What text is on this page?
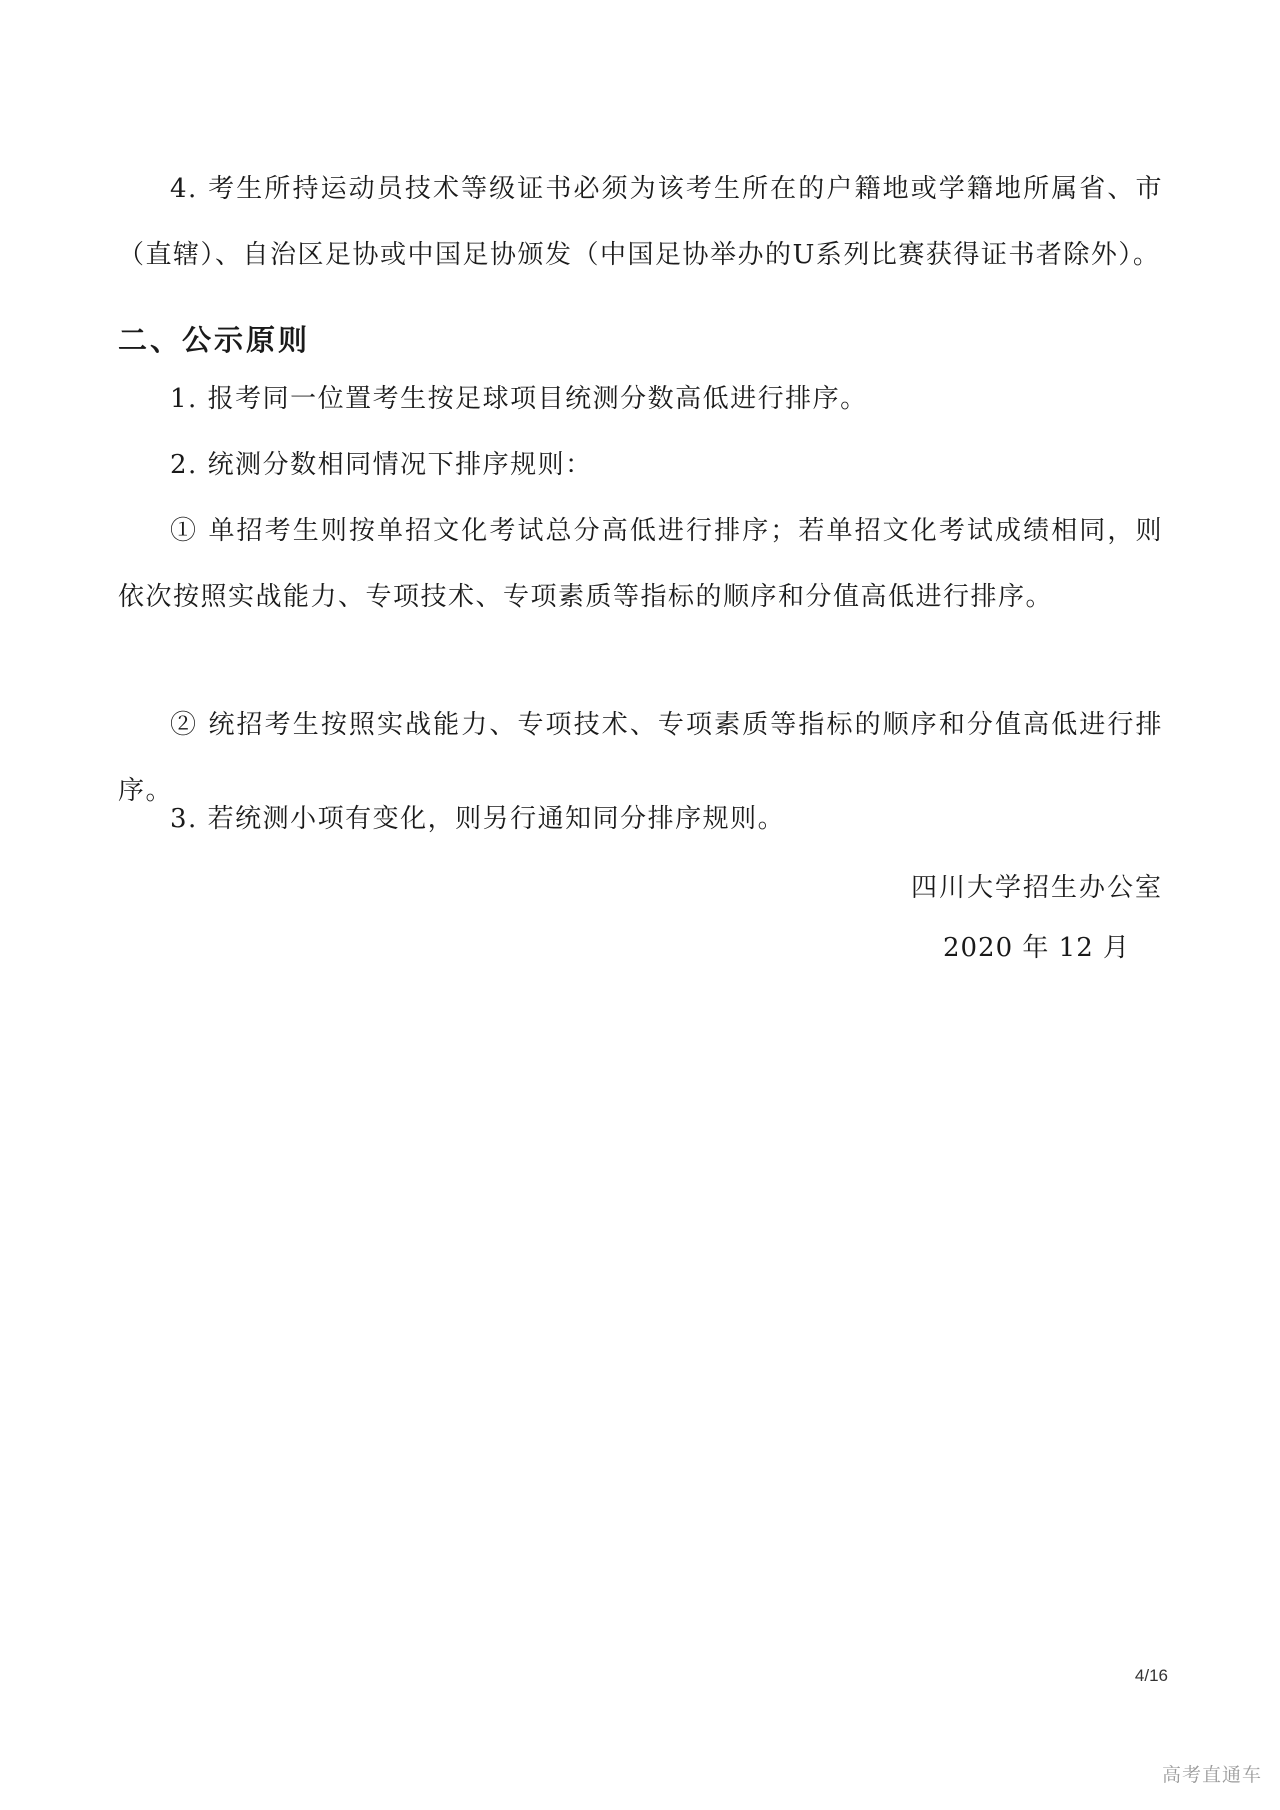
4. 考生所持运动员技术等级证书必须为该考生所在的户籍地或学籍地所属省、市（直辖）、自治区足协或中国足协颁发（中国足协举办的U系列比赛获得证书者除外）。

二、公示原则

1. 报考同一位置考生按足球项目统测分数高低进行排序。

2. 统测分数相同情况下排序规则：

① 单招考生则按单招文化考试总分高低进行排序；若单招文化考试成绩相同，则依次按照实战能力、专项技术、专项素质等指标的顺序和分值高低进行排序。

② 统招考生按照实战能力、专项技术、专项素质等指标的顺序和分值高低进行排序。

3. 若统测小项有变化，则另行通知同分排序规则。

四川大学招生办公室

2020 年 12 月

4/16
高考直通车
